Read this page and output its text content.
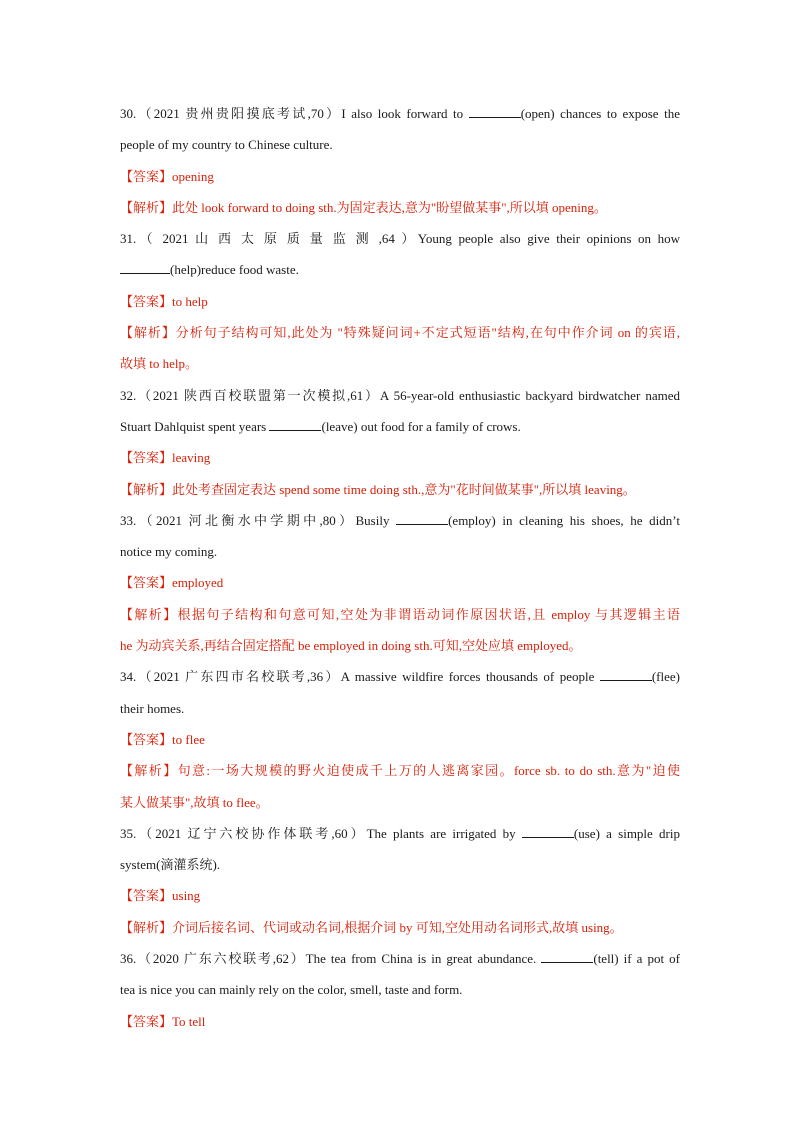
30.（2021 贵州贵阳摸底考试,70）I also look forward to	(open) chances to expose the
people of my country to Chinese culture.
【答案】opening
【解析】此处 look forward to doing sth.为固定表达,意为"盼望做某事",所以填 opening。
31.（ 2021 山 西 太 原 质 量 监 测 ,64 ）Young people also give their opinions on how
(help)reduce food waste.
【答案】to help
【解析】分析句子结构可知,此处为 "特殊疑问词+不定式短语"结构,在句中作介词 on 的宾语,
故填 to help。
32.（2021 陕西百校联盟第一次模拟,61）A 56-year-old enthusiastic backyard birdwatcher named
Stuart Dahlquist spent years	(leave) out food for a family of crows.
【答案】leaving
【解析】此处考查固定表达 spend some time doing sth.,意为"花时间做某事",所以填 leaving。
33.（2021 河北衡水中学期中,80）Busily	(employ) in cleaning his shoes, he didn’t
notice my coming.
【答案】employed
【解析】根据句子结构和句意可知,空处为非谓语动词作原因状语,且 employ 与其逻辑主语
he 为动宾关系,再结合固定搭配 be employed in doing sth.可知,空处应填 employed。
34.（2021 广东四市名校联考,36）A massive wildfire forces thousands of people	(flee)
their homes.
【答案】to flee
【解析】句意:一场大规模的野火迫使成千上万的人逃离家园。force sb. to do sth.意为"迫使
某人做某事",故填 to flee。
35.（2021 辽宁六校协作体联考,60）The plants are irrigated by	(use) a simple drip
system(滴灌系统).
【答案】using
【解析】介词后接名词、代词或动名词,根据介词 by 可知,空处用动名词形式,故填 using。
36.（2020 广东六校联考,62）The tea from China is in great abundance.	(tell) if a pot of
tea is nice you can mainly rely on the color, smell, taste and form.
【答案】To tell
